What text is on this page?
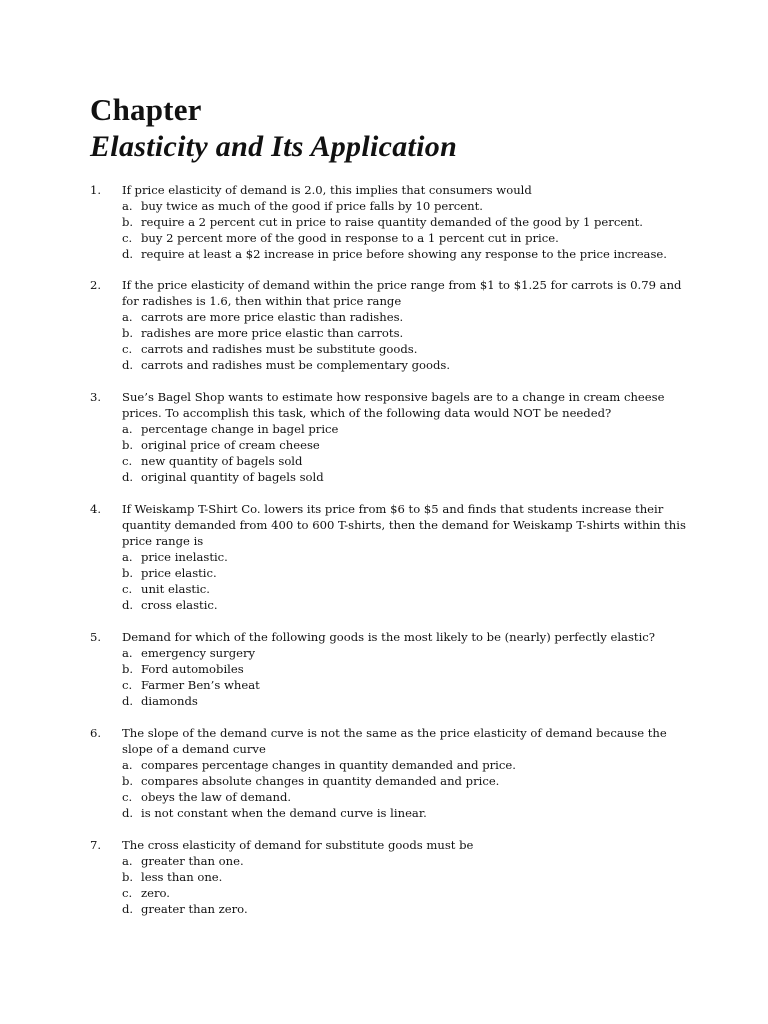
Chapter
Elasticity and Its Application
1. If price elasticity of demand is 2.0, this implies that consumers would
a. buy twice as much of the good if price falls by 10 percent.
b. require a 2 percent cut in price to raise quantity demanded of the good by 1 percent.
c. buy 2 percent more of the good in response to a 1 percent cut in price.
d. require at least a $2 increase in price before showing any response to the price increase.
2. If the price elasticity of demand within the price range from $1 to $1.25 for carrots is 0.79 and for radishes is 1.6, then within that price range
a. carrots are more price elastic than radishes.
b. radishes are more price elastic than carrots.
c. carrots and radishes must be substitute goods.
d. carrots and radishes must be complementary goods.
3. Sue’s Bagel Shop wants to estimate how responsive bagels are to a change in cream cheese prices. To accomplish this task, which of the following data would NOT be needed?
a. percentage change in bagel price
b. original price of cream cheese
c. new quantity of bagels sold
d. original quantity of bagels sold
4. If Weiskamp T-Shirt Co. lowers its price from $6 to $5 and finds that students increase their quantity demanded from 400 to 600 T-shirts, then the demand for Weiskamp T-shirts within this price range is
a. price inelastic.
b. price elastic.
c. unit elastic.
d. cross elastic.
5. Demand for which of the following goods is the most likely to be (nearly) perfectly elastic?
a. emergency surgery
b. Ford automobiles
c. Farmer Ben’s wheat
d. diamonds
6. The slope of the demand curve is not the same as the price elasticity of demand because the slope of a demand curve
a. compares percentage changes in quantity demanded and price.
b. compares absolute changes in quantity demanded and price.
c. obeys the law of demand.
d. is not constant when the demand curve is linear.
7. The cross elasticity of demand for substitute goods must be
a. greater than one.
b. less than one.
c. zero.
d. greater than zero.
